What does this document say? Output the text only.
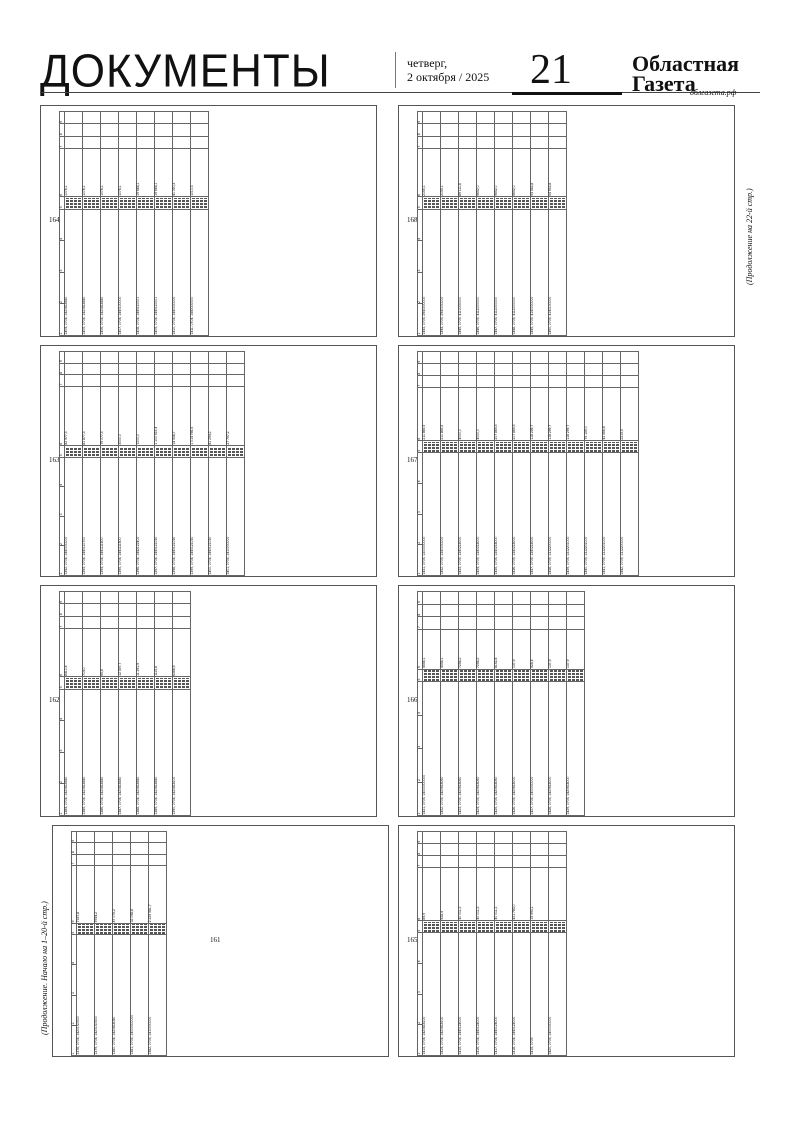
ДОКУМЕНТЫ	четверг,
2 октября / 2025 21	Областная
Газета
облгазета.рф
(Продолжение. Начало на 1–20-й стр.)
(Продолжение на 22-й стр.)
161
1	2	3	4	5	6	7	8	9
1378, 0704, 14201S0500					7187,8			
1379, 0704, 14201S0500					9784,2			
1380, 0704, 1420818080					47 075,2			
1381, 0705, 14000000000					32 098,8			
1382, 0705, 1410000000					2 229 581,7			
162
1	2	3	4	5	6	7	8	9
1384, 0704, 1420818380					8410,4			
1385, 0704, 1420818380					714,0			
1386, 0704, 1420818380					95,8			
1387, 0704, 1420818380					12 397,7			
1388, 0704, 1420818380					11 291,9			
1389, 0704, 1420818380					1115,8			
1390, 0704, 1420818100					6368,9			
163
1	2	3	4	5	6	7	8	9
1392, 0704, 1440000000					82 977,3			
1393, 0704, 1440110700					81 877,3			
1394, 0704, 1441111600					79 077,3			
1395, 0704, 1441111600					3000,0			
1396, 0704, 1442122400					1000,0			
1397, 0704, 1440121030					1 100 915,4			
1398, 0704, 1440121030					14 938,7			
1399, 0704, 1440121030					1 014 766,5			
1400, 0704, 1440121030					81 294,2			
1401, 0705, 1410000000					27 757,2			
164
1	2	3	4	5	6	7	8	9
1404, 0704, 1420818380					1078,1			
1405, 0704, 1420818380					1078,1			
1406, 0704, 1420818380					1078,1			
1407, 0704, 1440100000					1078,1			
1408, 0704, 1440110001					19 648,1			
1409, 0704, 1440110001					19 648,1			
1410, 0704, 1440000000					41 050,3			
1411, 0704, 1440000000					1010,3			
165
1	2	3	4	5	6	7	8	9
1413, 0704, 1420818100					89,9			
1414, 0704, 1420818100					928,4			
1415, 0704, 1440124000					40 011,2			
1416, 0704, 1440124000					40 011,2			
1417, 0704, 1440124000					40 011,2			
1418, 0704, 1440124000					421 783,0			
1419, 0705					19 593,1			
1420, 0705, 1400000000				

166
1	2	3	4	5	6	7	8	9
1421, 0705, 14000000000					4558,1			
1422, 0705, 1420618060					4558,1			
1423, 0705, 1420618060					7258,2			
1424, 0705, 1420618060					7258,2			
1425, 0705, 1420618060					8152,8			
1426, 0705, 1420618000					137,9			
1427, 0705, 1400000000					928,4			
1428, 0705, 1420618000					137,9			
1429, 0705, 1420618000					137,9			
167
1	2	3	4	5	6	7	8	9
1431, 0705, 1300000000					211 865,5			
1432, 0705, 1340000000					211 865,5			
1433, 0705, 1340218000					4000,0			
1434, 0705, 1340218000					4000,0			
1435, 0705, 1340218000					207 865,5			
1436, 0705, 1340218000					207 865,5			
1437, 0705, 1340218000					118 299,7			
1438, 0705, 1312200000					118 299,7			
1439, 0705, 1312201000					118 299,7			
1440, 0705, 1312201000					75 159,0			
1441, 0705, 1312201000					42 566,8			
1442, 0705, 1312200000					2215,5			
168
1	2	3	4	5	6	7	8	9
1443, 0705, 2940000000					2155,1			
1444, 0705, 2940000000					2155,1			
1445, 0705, 4110000000					89 111,8			
1446, 0705, 4111000000					9652,0			
1447, 0705, 4111000000					9652,0			
1448, 0705, 4111000000					9652,0			
1449, 0705, 4140000000					54 582,8			
1450, 0705, 4140100000					54 552,8			
